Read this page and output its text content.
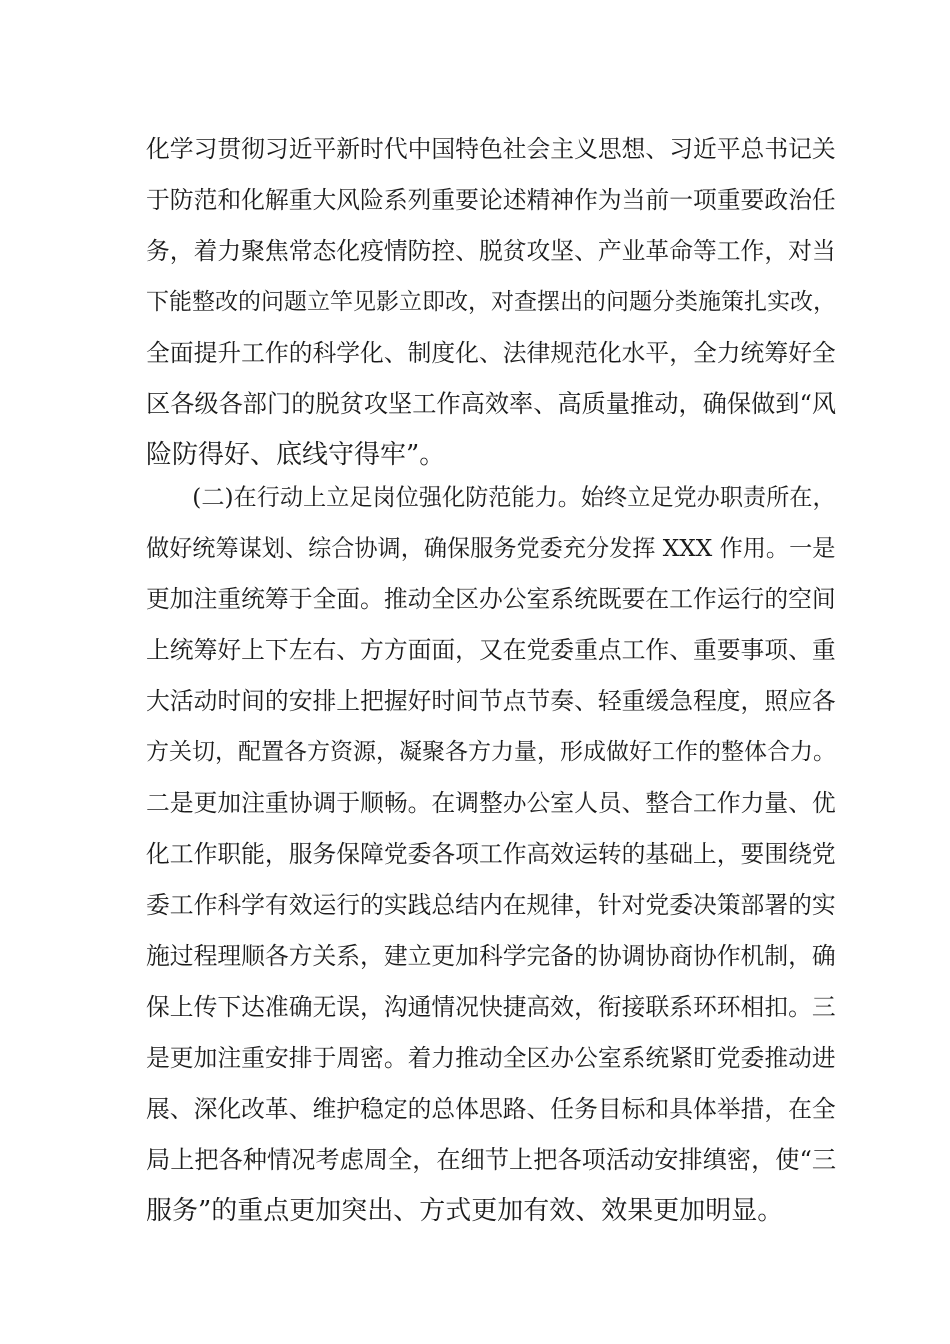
化学习贯彻习近平新时代中国特色社会主义思想、习近平总书记关
于防范和化解重大风险系列重要论述精神作为当前一项重要政治任
务，着力聚焦常态化疫情防控、脱贫攻坚、产业革命等工作，对当
下能整改的问题立竿见影立即改，对查摆出的问题分类施策扎实改，
全面提升工作的科学化、制度化、法律规范化水平，全力统筹好全
区各级各部门的脱贫攻坚工作高效率、高质量推动，确保做到“风
险防得好、底线守得牢”。
　　(二)在行动上立足岗位强化防范能力。始终立足党办职责所在，
做好统筹谋划、综合协调，确保服务党委充分发挥 XXX 作用。一是
更加注重统筹于全面。推动全区办公室系统既要在工作运行的空间
上统筹好上下左右、方方面面，又在党委重点工作、重要事项、重
大活动时间的安排上把握好时间节点节奏、轻重缓急程度，照应各
方关切，配置各方资源，凝聚各方力量，形成做好工作的整体合力。
二是更加注重协调于顺畅。在调整办公室人员、整合工作力量、优
化工作职能，服务保障党委各项工作高效运转的基础上，要围绕党
委工作科学有效运行的实践总结内在规律，针对党委决策部署的实
施过程理顺各方关系，建立更加科学完备的协调协商协作机制，确
保上传下达准确无误，沟通情况快捷高效，衔接联系环环相扣。三
是更加注重安排于周密。着力推动全区办公室系统紧盯党委推动进
展、深化改革、维护稳定的总体思路、任务目标和具体举措，在全
局上把各种情况考虑周全，在细节上把各项活动安排缜密，使“三
服务”的重点更加突出、方式更加有效、效果更加明显。
